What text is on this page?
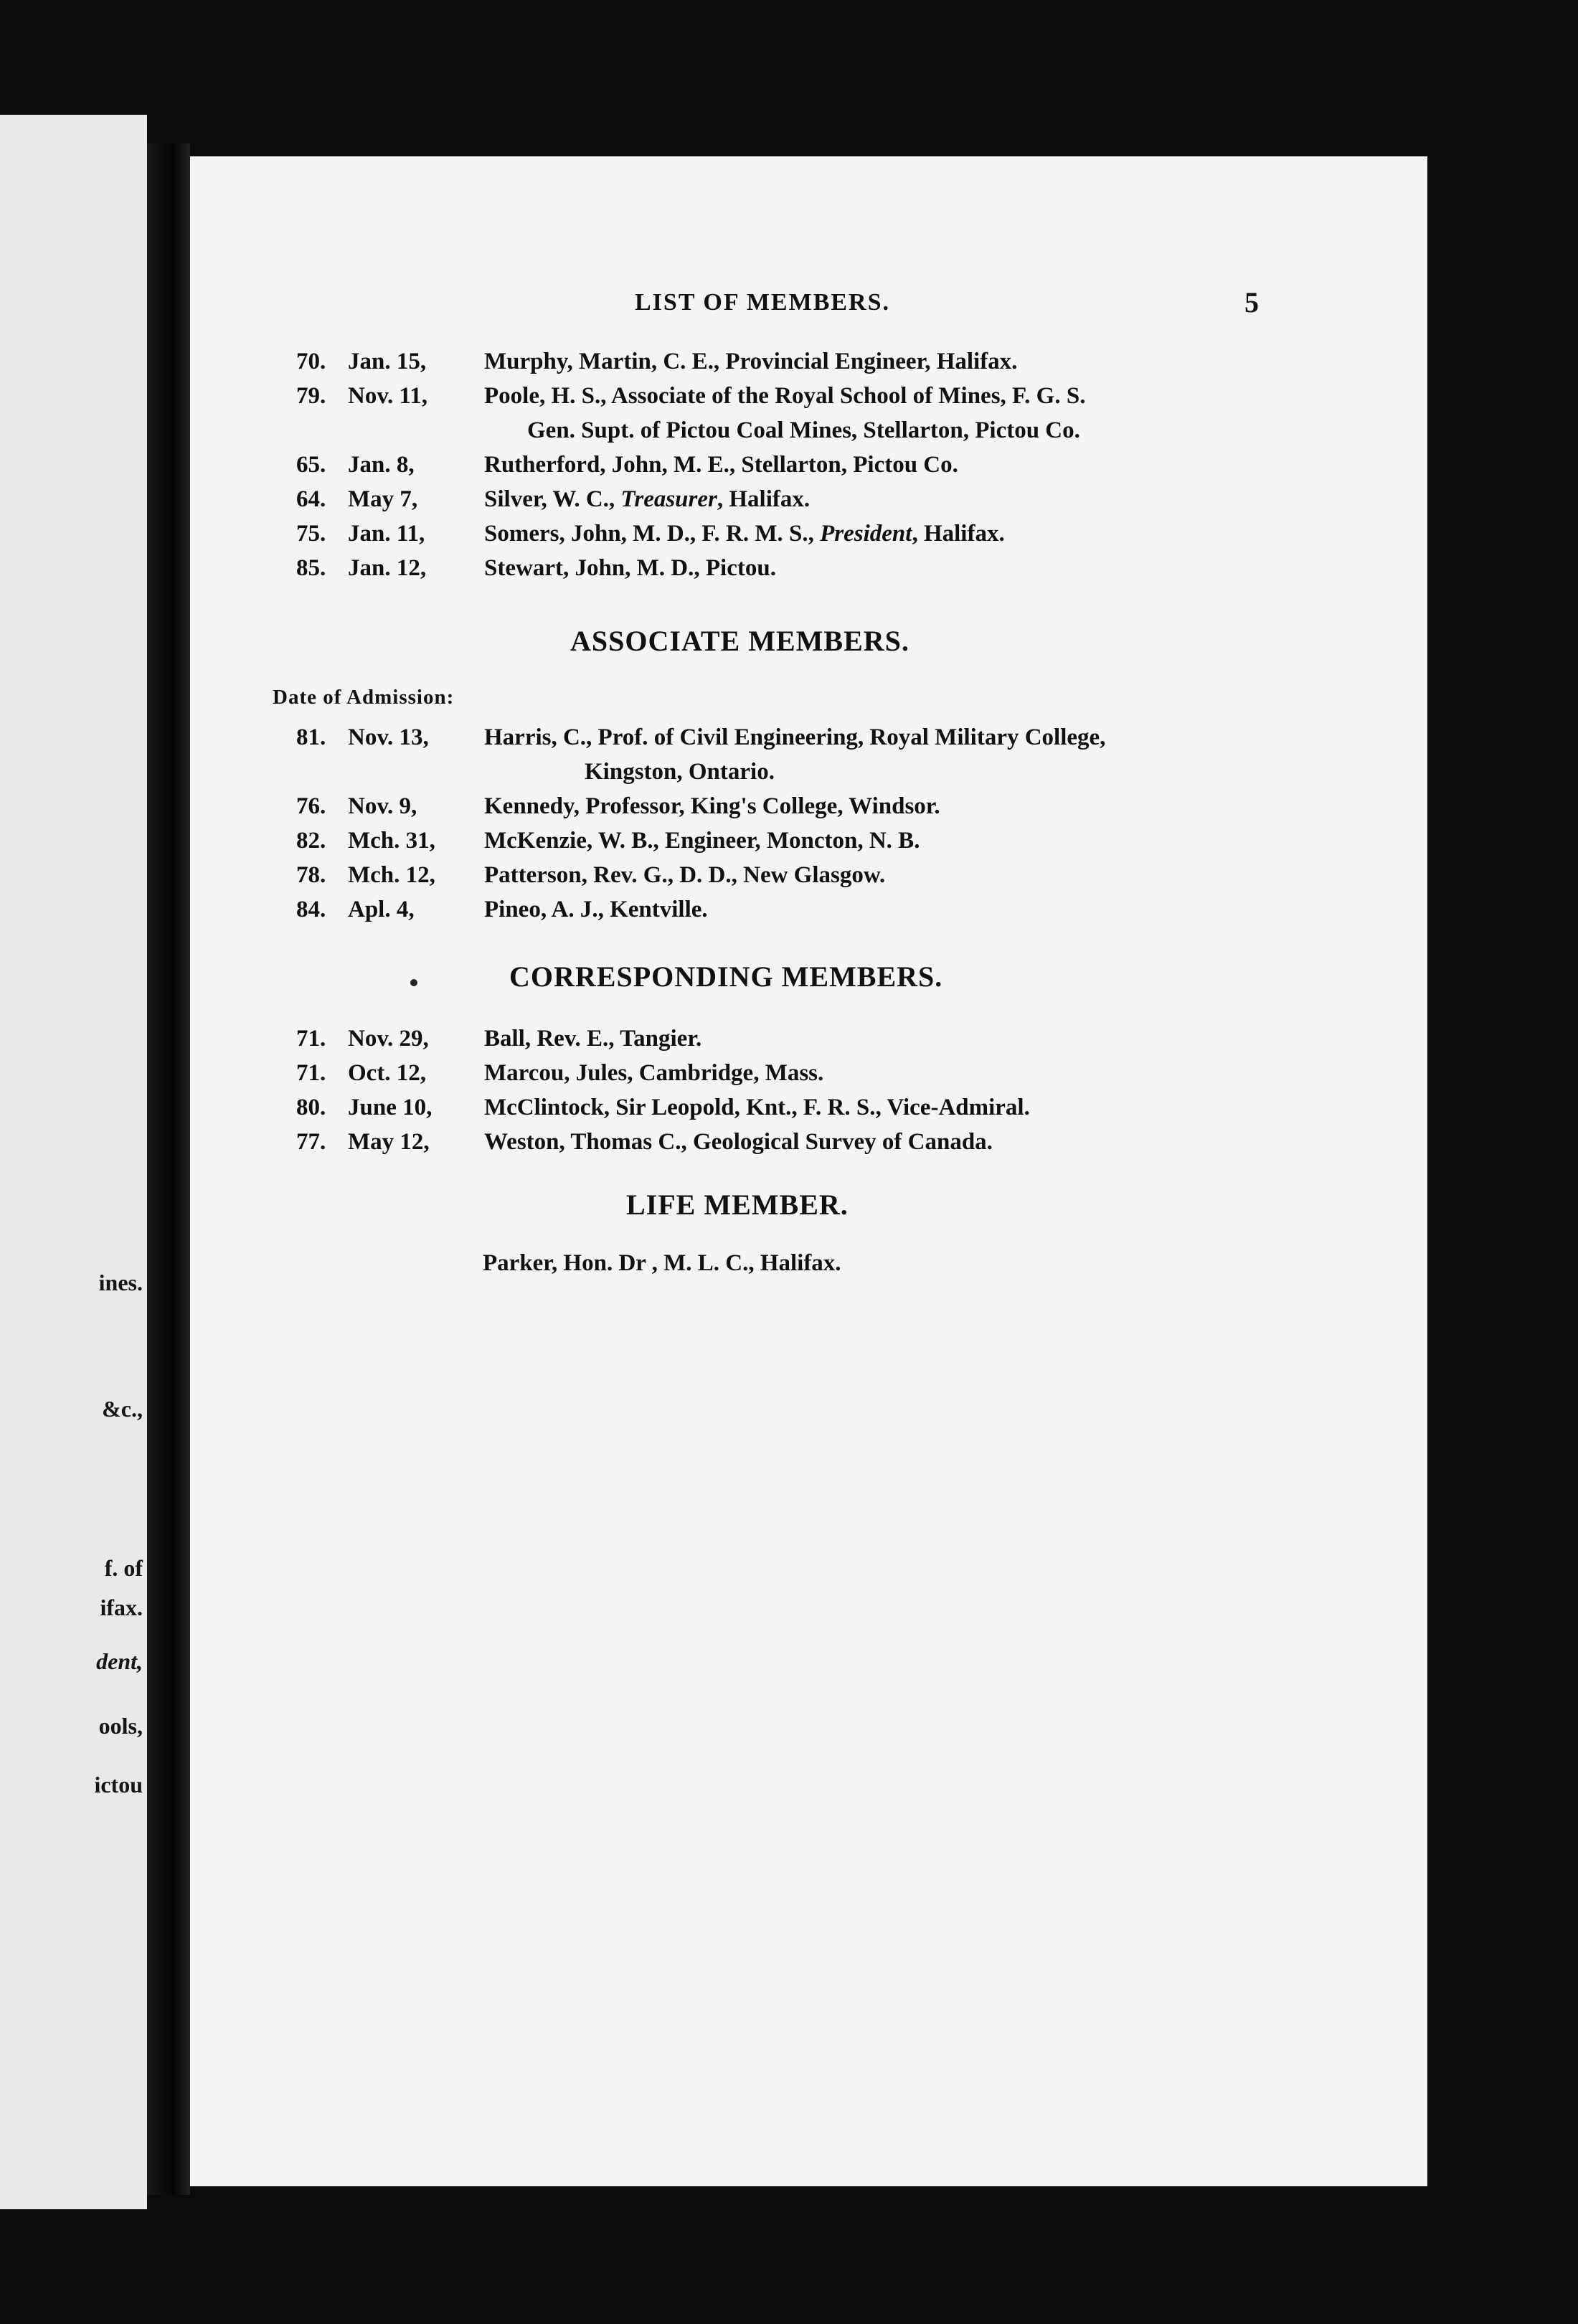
ines.
&c.,
f. of
ifax.
dent,
ools,
ictou
LIST OF MEMBERS.	5
70. Jan. 15, Murphy, Martin, C. E., Provincial Engineer, Halifax.
79. Nov. 11, Poole, H. S., Associate of the Royal School of Mines, F. G. S.
Gen. Supt. of Pictou Coal Mines, Stellarton, Pictou Co.
65. Jan. 8,	Rutherford, John, M. E., Stellarton, Pictou Co.
64. May 7,	Silver, W. C., Treasurer, Halifax.
75. Jan. 11,	Somers, John, M. D., F. R. M. S., President, Halifax.
85. Jan. 12, Stewart, John, M. D., Pictou.
ASSOCIATE MEMBERS.
Date of Admission:
81. Nov. 13, Harris, C., Prof. of Civil Engineering, Royal Military College,
Kingston, Ontario.
76. Nov. 9,	Kennedy, Professor, King's College, Windsor.
82. Mch. 31, McKenzie, W. B., Engineer, Moncton, N. B.
78. Mch. 12, Patterson, Rev. G., D. D., New Glasgow.
84. Apl. 4,	Pineo, A. J., Kentville.
CORRESPONDING MEMBERS.
71. Nov. 29, Ball, Rev. E., Tangier.
71. Oct. 12, Marcou, Jules, Cambridge, Mass.
80. June 10, McClintock, Sir Leopold, Knt., F. R. S., Vice-Admiral.
77. May 12, Weston, Thomas C., Geological Survey of Canada.
LIFE MEMBER.
Parker, Hon. Dr , M. L. C., Halifax.
